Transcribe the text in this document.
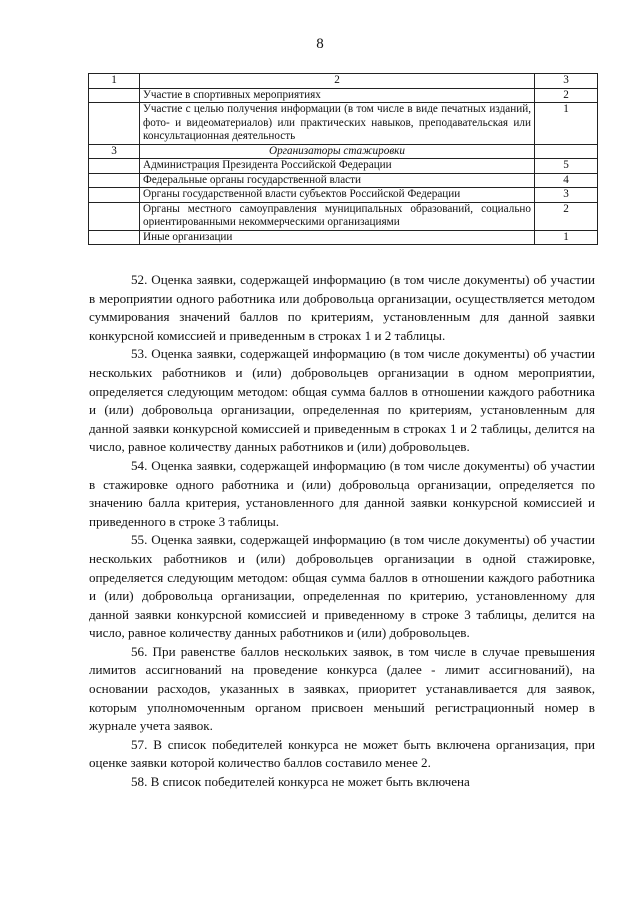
8
1	2	3
	Участие в спортивных мероприятиях	2
	Участие с целью получения информации (в том числе в виде печатных изданий, фото- и видеоматериалов) или практических навыков, преподавательская или консультационная деятельность	1
3	Организаторы стажировки	
	Администрация Президента Российской Федерации	5
	Федеральные органы государственной власти	4
	Органы государственной власти субъектов Российской Федерации	3
	Органы местного самоуправления муниципальных образований, социально ориентированными некоммерческими организациями	2
	Иные организации	1

52. Оценка заявки, содержащей информацию (в том числе документы) об участии в мероприятии одного работника или добровольца организации, осуществляется методом суммирования значений баллов по критериям, установленным для данной заявки конкурсной комиссией и приведенным в строках 1 и 2 таблицы.

53. Оценка заявки, содержащей информацию (в том числе документы) об участии нескольких работников и (или) добровольцев организации в одном мероприятии, определяется следующим методом: общая сумма баллов в отношении каждого работника и (или) добровольца организации, определенная по критериям, установленным для данной заявки конкурсной комиссией и приведенным в строках 1 и 2 таблицы, делится на число, равное количеству данных работников и (или) добровольцев.

54. Оценка заявки, содержащей информацию (в том числе документы) об участии в стажировке одного работника и (или) добровольца организации, определяется по значению балла критерия, установленного для данной заявки конкурсной комиссией и приведенного в строке 3 таблицы.

55. Оценка заявки, содержащей информацию (в том числе документы) об участии нескольких работников и (или) добровольцев организации в одной стажировке, определяется следующим методом: общая сумма баллов в отношении каждого работника и (или) добровольца организации, определенная по критерию, установленному для данной заявки конкурсной комиссией и приведенному в строке 3 таблицы, делится на число, равное количеству данных работников и (или) добровольцев.

56. При равенстве баллов нескольких заявок, в том числе в случае превышения лимитов ассигнований на проведение конкурса (далее - лимит ассигнований), на основании расходов, указанных в заявках, приоритет устанавливается для заявок, которым уполномоченным органом присвоен меньший регистрационный номер в журнале учета заявок.

57. В список победителей конкурса не может быть включена организация, при оценке заявки которой количество баллов составило менее 2.

58. В список победителей конкурса не может быть включена
